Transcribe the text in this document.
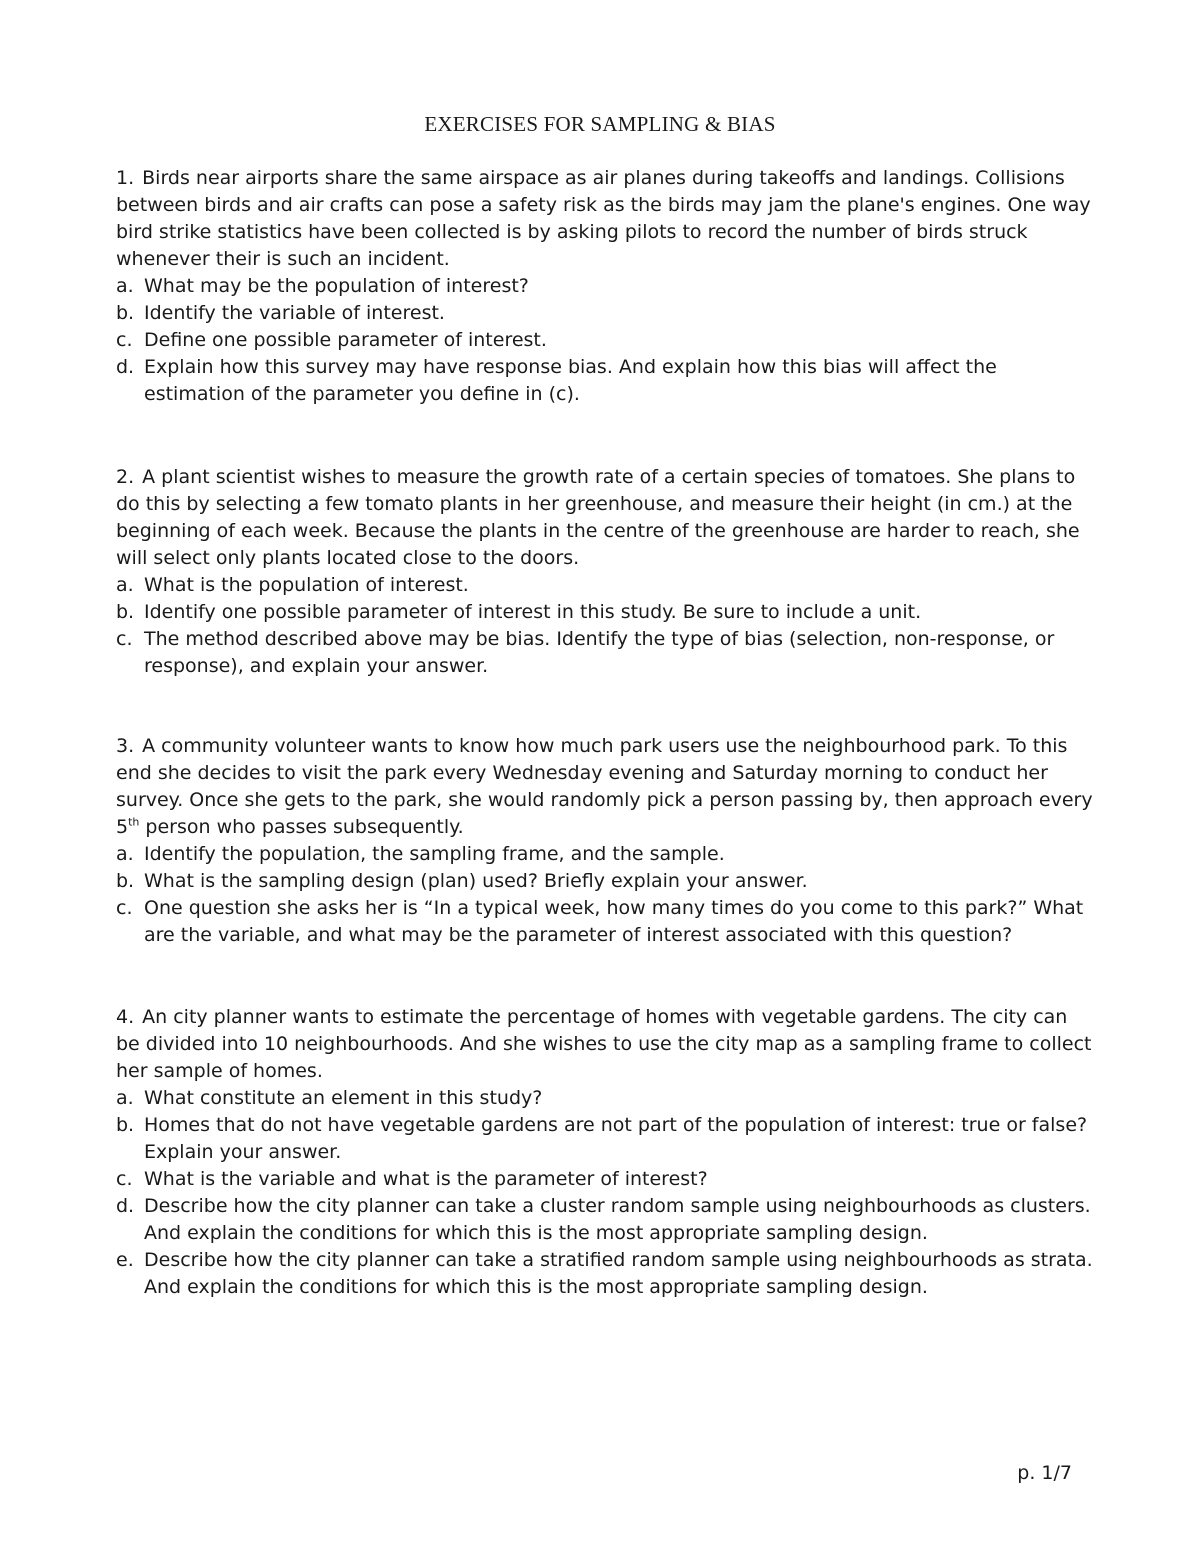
EXERCISES FOR SAMPLING & BIAS

1. Birds near airports share the same airspace as air planes during takeoffs and landings. Collisions between birds and air crafts can pose a safety risk as the birds may jam the plane's engines. One way bird strike statistics have been collected is by asking pilots to record the number of birds struck whenever their is such an incident.

a. What may be the population of interest?
b. Identify the variable of interest.
c. Define one possible parameter of interest.
d. Explain how this survey may have response bias. And explain how this bias will affect the estimation of the parameter you define in (c).

2. A plant scientist wishes to measure the growth rate of a certain species of tomatoes. She plans to do this by selecting a few tomato plants in her greenhouse, and measure their height (in cm.) at the beginning of each week. Because the plants in the centre of the greenhouse are harder to reach, she will select only plants located close to the doors.

a. What is the population of interest.
b. Identify one possible parameter of interest in this study. Be sure to include a unit.
c. The method described above may be bias. Identify the type of bias (selection, non-response, or response), and explain your answer.

3. A community volunteer wants to know how much park users use the neighbourhood park. To this end she decides to visit the park every Wednesday evening and Saturday morning to conduct her survey. Once she gets to the park, she would randomly pick a person passing by, then approach every 5th person who passes subsequently.

a. Identify the population, the sampling frame, and the sample.
b. What is the sampling design (plan) used? Briefly explain your answer.
c. One question she asks her is “In a typical week, how many times do you come to this park?” What are the variable, and what may be the parameter of interest associated with this question?

4. An city planner wants to estimate the percentage of homes with vegetable gardens. The city can be divided into 10 neighbourhoods. And she wishes to use the city map as a sampling frame to collect her sample of homes.

a. What constitute an element in this study?
b. Homes that do not have vegetable gardens are not part of the population of interest: true or false? Explain your answer.
c. What is the variable and what is the parameter of interest?
d. Describe how the city planner can take a cluster random sample using neighbourhoods as clusters. And explain the conditions for which this is the most appropriate sampling design.
e. Describe how the city planner can take a stratified random sample using neighbourhoods as strata. And explain the conditions for which this is the most appropriate sampling design.
p. 1/7
